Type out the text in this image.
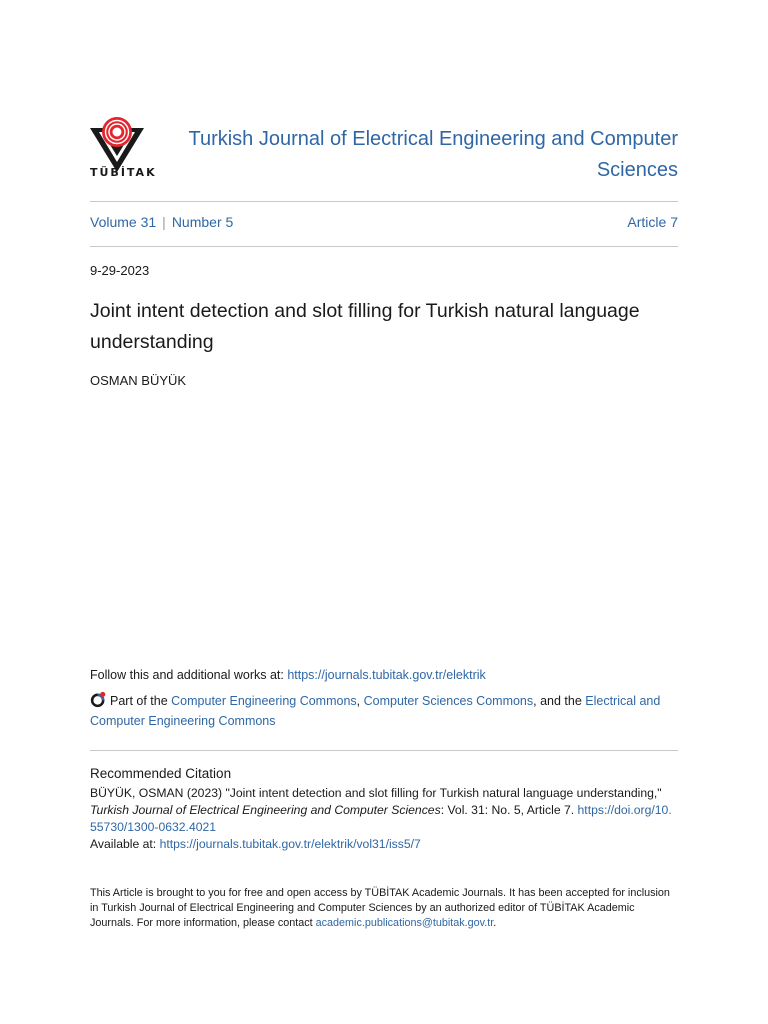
TÜBİTAK
Turkish Journal of Electrical Engineering and Computer Sciences
Volume 31 | Number 5	Article 7
9-29-2023
Joint intent detection and slot filling for Turkish natural language understanding
OSMAN BÜYÜK
Follow this and additional works at: https://journals.tubitak.gov.tr/elektrik
Part of the Computer Engineering Commons, Computer Sciences Commons, and the Electrical and Computer Engineering Commons
Recommended Citation
BÜYÜK, OSMAN (2023) "Joint intent detection and slot filling for Turkish natural language understanding,"
Turkish Journal of Electrical Engineering and Computer Sciences: Vol. 31: No. 5, Article 7. https://doi.org/10.55730/1300-0632.4021
Available at: https://journals.tubitak.gov.tr/elektrik/vol31/iss5/7
This Article is brought to you for free and open access by TÜBİTAK Academic Journals. It has been accepted for inclusion in Turkish Journal of Electrical Engineering and Computer Sciences by an authorized editor of TÜBİTAK Academic Journals. For more information, please contact academic.publications@tubitak.gov.tr.
